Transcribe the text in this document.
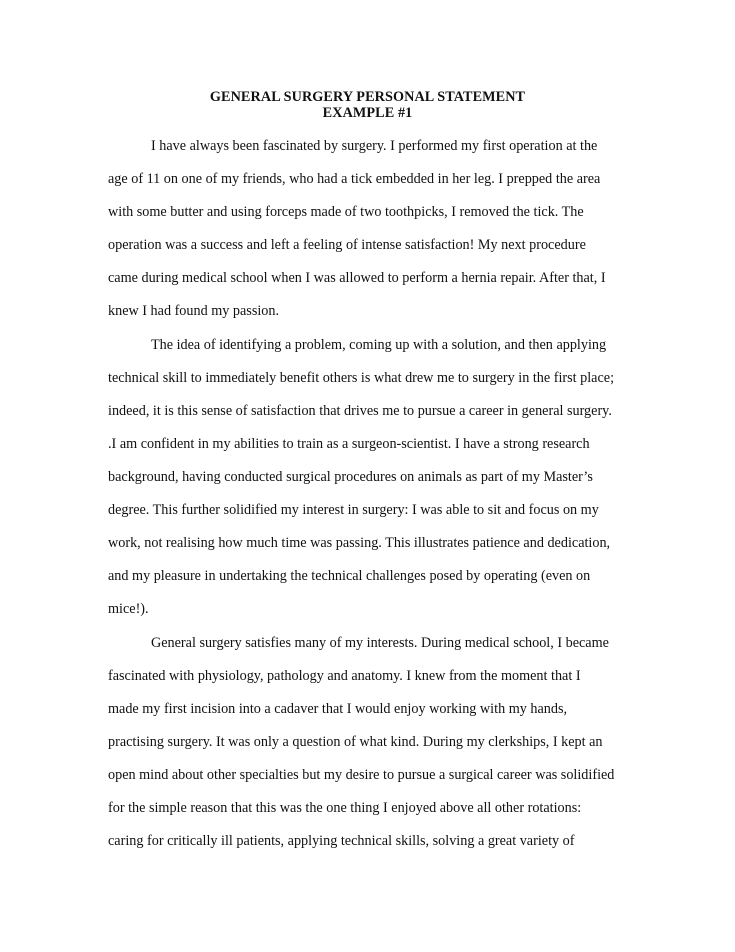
GENERAL SURGERY PERSONAL STATEMENT
EXAMPLE #1
I have always been fascinated by surgery. I performed my first operation at the
age of 11 on one of my friends, who had a tick embedded in her leg. I prepped the area
with some butter and using forceps made of two toothpicks, I removed the tick. The
operation was a success and left a feeling of intense satisfaction! My next procedure
came during medical school when I was allowed to perform a hernia repair. After that, I
knew I had found my passion.
The idea of identifying a problem, coming up with a solution, and then applying
technical skill to immediately benefit others is what drew me to surgery in the first place;
indeed, it is this sense of satisfaction that drives me to pursue a career in general surgery.
.I am confident in my abilities to train as a surgeon-scientist. I have a strong research
background, having conducted surgical procedures on animals as part of my Master’s
degree. This further solidified my interest in surgery: I was able to sit and focus on my
work, not realising how much time was passing. This illustrates patience and dedication,
and my pleasure in undertaking the technical challenges posed by operating (even on
mice!).
General surgery satisfies many of my interests. During medical school, I became
fascinated with physiology, pathology and anatomy. I knew from the moment that I
made my first incision into a cadaver that I would enjoy working with my hands,
practising surgery. It was only a question of what kind. During my clerkships, I kept an
open mind about other specialties but my desire to pursue a surgical career was solidified
for the simple reason that this was the one thing I enjoyed above all other rotations:
caring for critically ill patients, applying technical skills, solving a great variety of
